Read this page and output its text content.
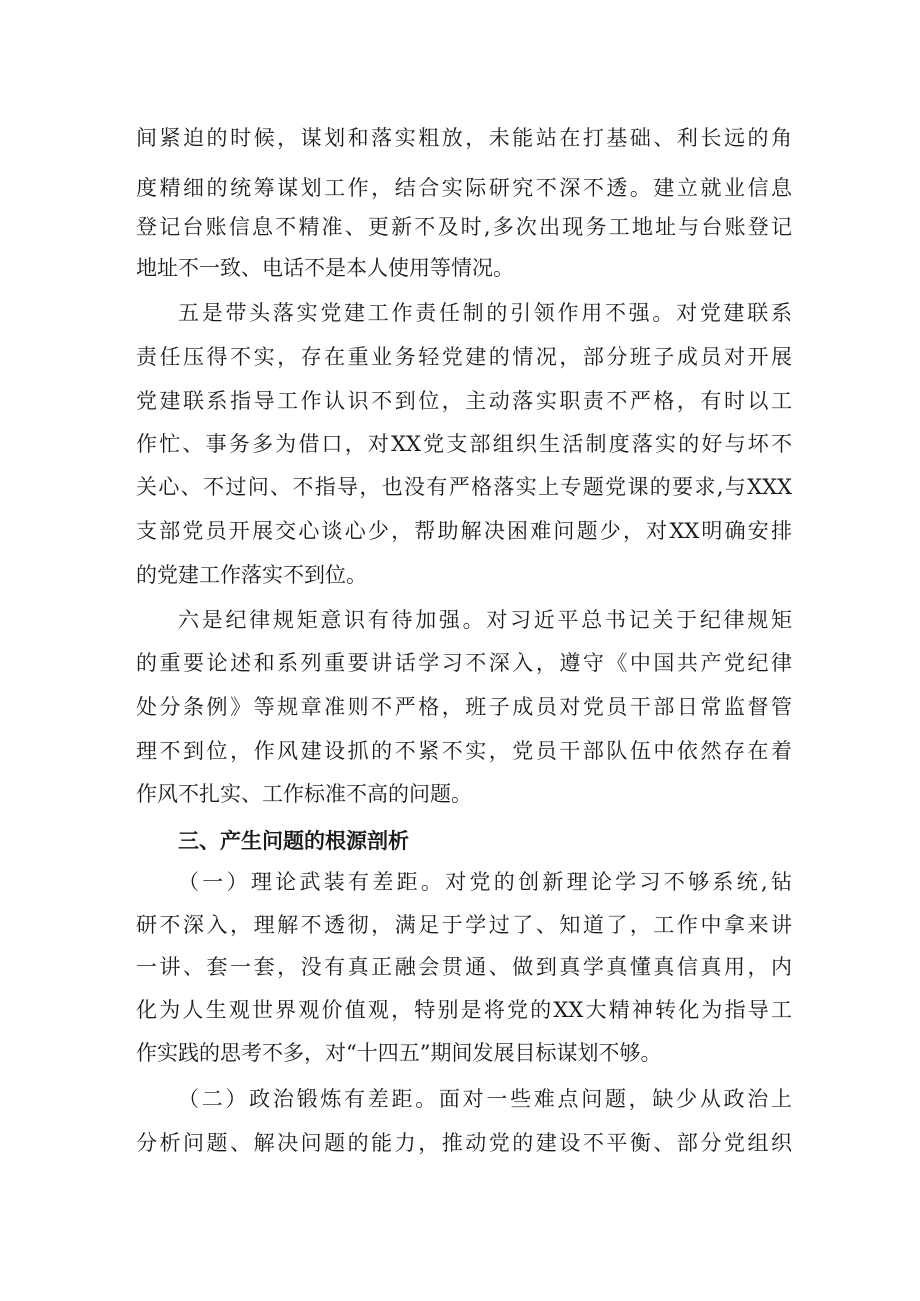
间紧迫的时候，谋划和落实粗放，未能站在打基础、利长远的角
度精细的统筹谋划工作，结合实际研究不深不透。建立就业信息
登记台账信息不精准、更新不及时,多次出现务工地址与台账登记
地址不一致、电话不是本人使用等情况。
五是带头落实党建工作责任制的引领作用不强。对党建联系
责任压得不实，存在重业务轻党建的情况，部分班子成员对开展
党建联系指导工作认识不到位，主动落实职责不严格，有时以工
作忙、事务多为借口，对XX党支部组织生活制度落实的好与坏不
关心、不过问、不指导，也没有严格落实上专题党课的要求,与XXX
支部党员开展交心谈心少，帮助解决困难问题少，对XX明确安排
的党建工作落实不到位。
六是纪律规矩意识有待加强。对习近平总书记关于纪律规矩
的重要论述和系列重要讲话学习不深入，遵守《中国共产党纪律
处分条例》等规章准则不严格，班子成员对党员干部日常监督管
理不到位，作风建设抓的不紧不实，党员干部队伍中依然存在着
作风不扎实、工作标准不高的问题。
三、产生问题的根源剖析
（一）理论武装有差距。对党的创新理论学习不够系统,钻
研不深入，理解不透彻，满足于学过了、知道了，工作中拿来讲
一讲、套一套，没有真正融会贯通、做到真学真懂真信真用，内
化为人生观世界观价值观，特别是将党的XX大精神转化为指导工
作实践的思考不多，对“十四五”期间发展目标谋划不够。
（二）政治锻炼有差距。面对一些难点问题，缺少从政治上
分析问题、解决问题的能力，推动党的建设不平衡、部分党组织
